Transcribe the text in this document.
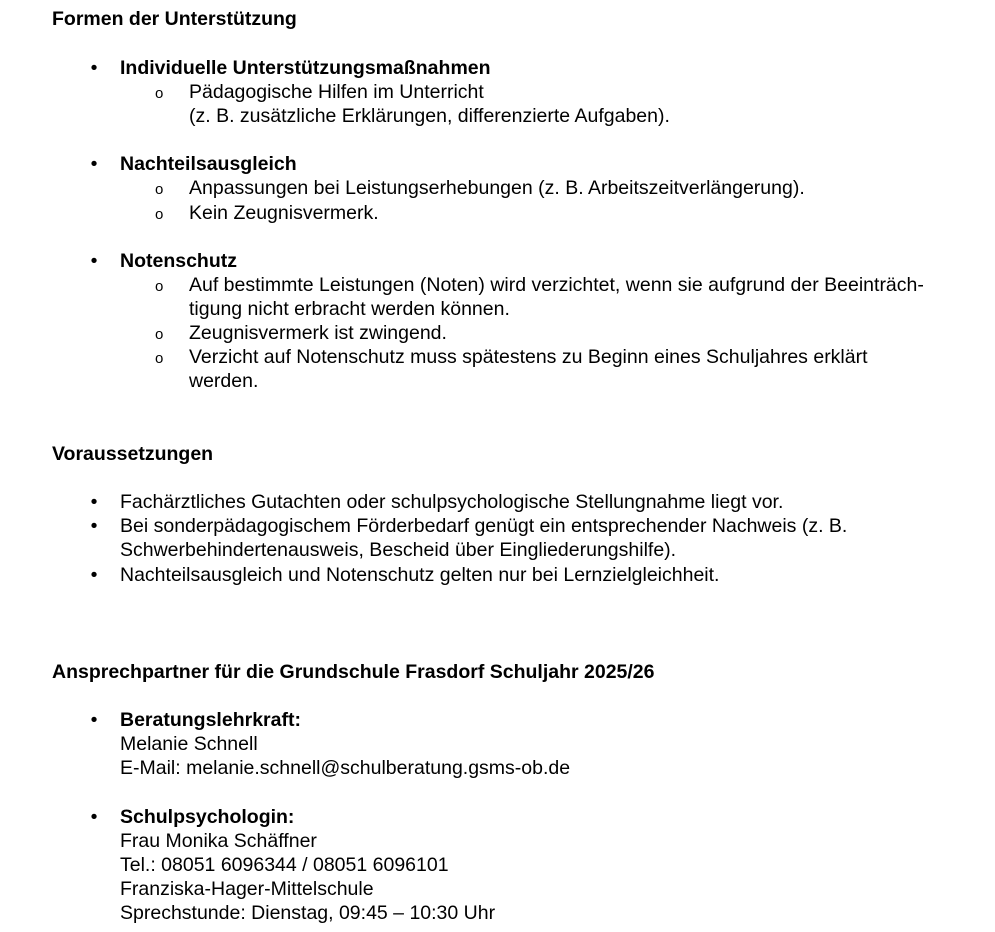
Formen der Unterstützung
• Individuelle Unterstützungsmaßnahmen
o Pädagogische Hilfen im Unterricht
(z. B. zusätzliche Erklärungen, differenzierte Aufgaben).
• Nachteilsausgleich
o Anpassungen bei Leistungserhebungen (z. B. Arbeitszeitverlängerung).
o Kein Zeugnisvermerk.
• Notenschutz
o Auf bestimmte Leistungen (Noten) wird verzichtet, wenn sie aufgrund der Beeinträch-
tigung nicht erbracht werden können.
o Zeugnisvermerk ist zwingend.
o Verzicht auf Notenschutz muss spätestens zu Beginn eines Schuljahres erklärt
werden.
Voraussetzungen
• Fachärztliches Gutachten oder schulpsychologische Stellungnahme liegt vor.
• Bei sonderpädagogischem Förderbedarf genügt ein entsprechender Nachweis (z. B.
Schwerbehindertenausweis, Bescheid über Eingliederungshilfe).
• Nachteilsausgleich und Notenschutz gelten nur bei Lernzielgleichheit.
Ansprechpartner für die Grundschule Frasdorf Schuljahr 2025/26
• Beratungslehrkraft:
Melanie Schnell
E-Mail: melanie.schnell@schulberatung.gsms-ob.de
• Schulpsychologin:
Frau Monika Schäffner
Tel.: 08051 6096344 / 08051 6096101
Franziska-Hager-Mittelschule
Sprechstunde: Dienstag, 09:45 – 10:30 Uhr
